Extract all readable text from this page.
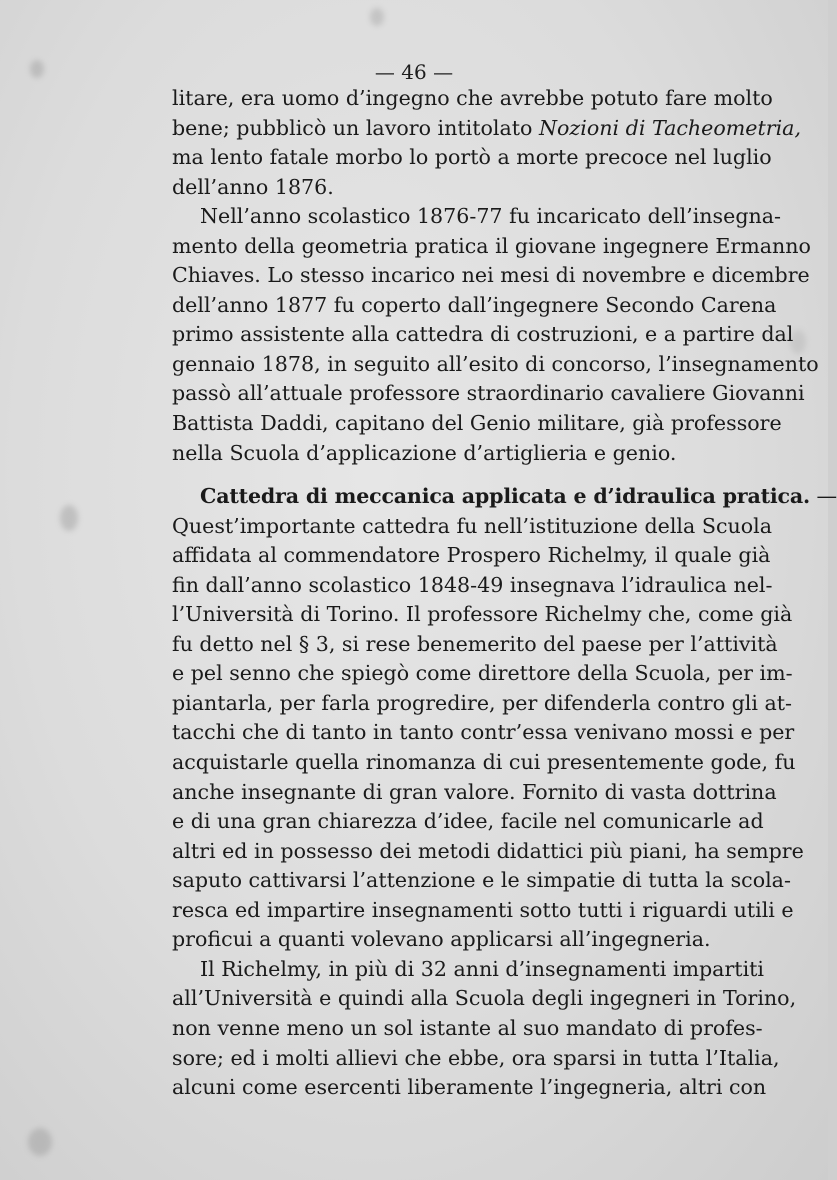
— 46 —
litare, era uomo d’ingegno che avrebbe potuto fare molto
bene; pubblicò un lavoro intitolato Nozioni di Tacheometria,
ma lento fatale morbo lo portò a morte precoce nel luglio
dell’anno 1876.
Nell’anno scolastico 1876-77 fu incaricato dell’insegna-
mento della geometria pratica il giovane ingegnere Ermanno
Chiaves. Lo stesso incarico nei mesi di novembre e dicembre
dell’anno 1877 fu coperto dall’ingegnere Secondo Carena
primo assistente alla cattedra di costruzioni, e a partire dal
gennaio 1878, in seguito all’esito di concorso, l’insegnamento
passò all’attuale professore straordinario cavaliere Giovanni
Battista Daddi, capitano del Genio militare, già professore
nella Scuola d’applicazione d’artiglieria e genio.
Cattedra di meccanica applicata e d’idraulica pratica. —
Quest’importante cattedra fu nell’istituzione della Scuola
affidata al commendatore Prospero Richelmy, il quale già
fin dall’anno scolastico 1848-49 insegnava l’idraulica nel-
l’Università di Torino. Il professore Richelmy che, come già
fu detto nel § 3, si rese benemerito del paese per l’attività
e pel senno che spiegò come direttore della Scuola, per im-
piantarla, per farla progredire, per difenderla contro gli at-
tacchi che di tanto in tanto contr’essa venivano mossi e per
acquistarle quella rinomanza di cui presentemente gode, fu
anche insegnante di gran valore. Fornito di vasta dottrina
e di una gran chiarezza d’idee, facile nel comunicarle ad
altri ed in possesso dei metodi didattici più piani, ha sempre
saputo cattivarsi l’attenzione e le simpatie di tutta la scola-
resca ed impartire insegnamenti sotto tutti i riguardi utili e
proficui a quanti volevano applicarsi all’ingegneria.
Il Richelmy, in più di 32 anni d’insegnamenti impartiti
all’Università e quindi alla Scuola degli ingegneri in Torino,
non venne meno un sol istante al suo mandato di profes-
sore; ed i molti allievi che ebbe, ora sparsi in tutta l’Italia,
alcuni come esercenti liberamente l’ingegneria, altri con
